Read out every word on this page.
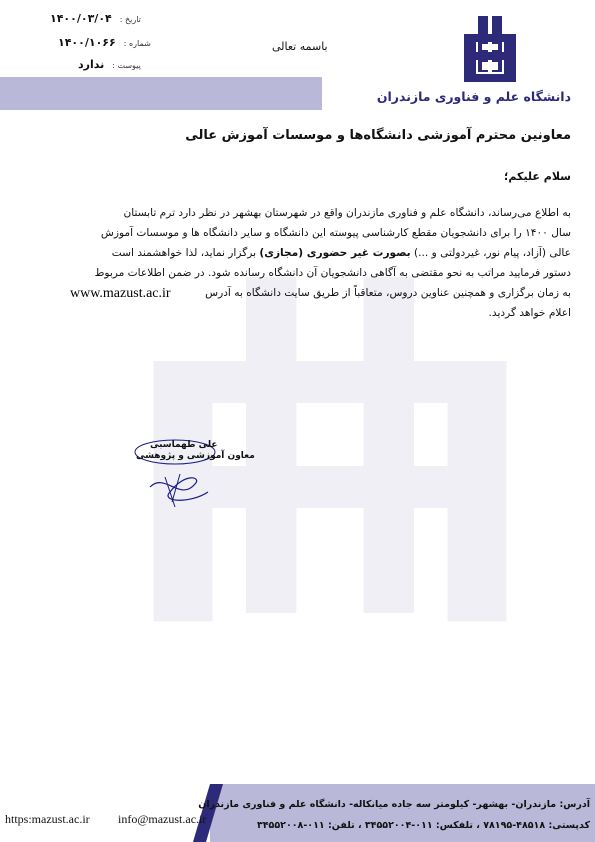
دانشگاه علم و فناوری مازندران
باسمه تعالی
تاریخ :۱۴۰۰/۰۳/۰۴
شماره :۱۴۰۰/۱۰۶۶
پیوست :ندارد
معاونین محترم آموزشی دانشگاه‌ها و موسسات آموزش عالی
سلام علیکم؛
به اطلاع می‌رساند، دانشگاه علم و فناوری مازندران واقع در شهرستان بهشهر در نظر دارد ترم تابستان
سال ۱۴۰۰ را برای دانشجویان مقطع کارشناسی پیوسته این دانشگاه و سایر دانشگاه ها و موسسات آموزش
عالی (آزاد، پیام نور، غیردولتی و ...) بصورت غیر حضوری (مجازی) برگزار نماید، لذا خواهشمند است
دستور فرمایید مراتب به نحو مقتضی به آگاهی دانشجویان آن دانشگاه رسانده شود. در ضمن اطلاعات مربوط
به زمان برگزاری و همچنین عناوین دروس، متعاقباً از طریق سایت دانشگاه به آدرس
اعلام خواهد گردید.
www.mazust.ac.ir
علی طهماسبی
معاون آموزشی و پژوهشی
آدرس: مازندران- بهشهر- کیلومتر سه جاده میانکاله- دانشگاه علم و فناوری مازندران
کدپستی: ۴۸۵۱۸-۷۸۱۹۵ ، تلفکس: ۰۱۱-۳۴۵۵۲۰۰۴ ، تلفن: ۰۱۱-۳۴۵۵۲۰۰۸
https:mazust.ac.ir info@mazust.ac.ir
